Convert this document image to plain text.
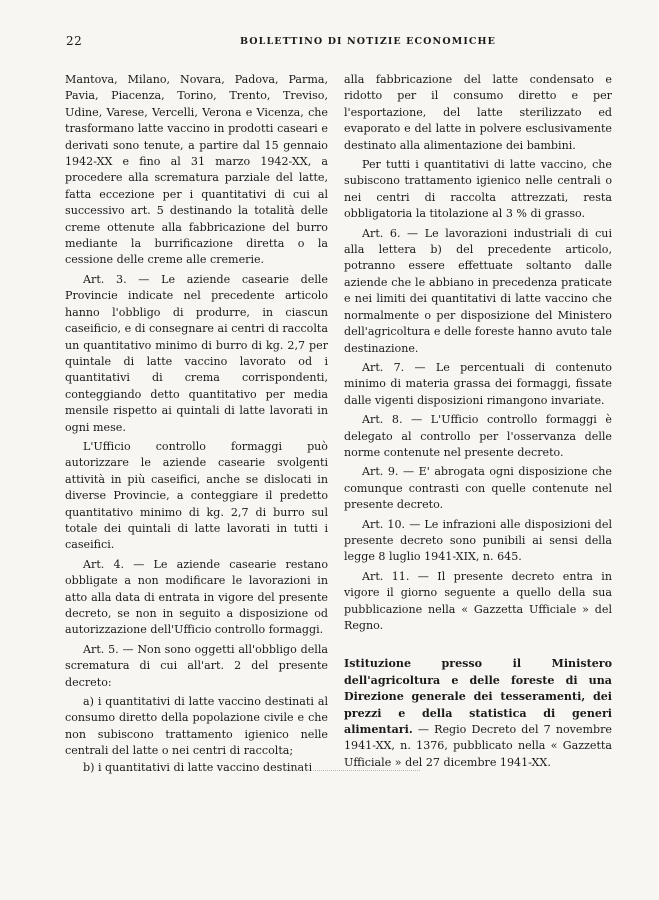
22	BOLLETTINO DI NOTIZIE ECONOMICHE

Mantova, Milano, Novara, Padova, Parma, Pavia, Piacenza, Torino, Trento, Treviso, Udine, Varese, Vercelli, Verona e Vicenza, che trasformano latte vaccino in prodotti caseari e derivati sono tenute, a partire dal 15 gennaio 1942-XX e fino al 31 marzo 1942-XX, a procedere alla scrematura parziale del latte, fatta eccezione per i quantitativi di cui al successivo art. 5 destinando la totalità delle creme ottenute alla fabbricazione del burro mediante la burrificazione diretta o la cessione delle creme alle cremerie.

Art. 3. — Le aziende casearie delle Provincie indicate nel precedente articolo hanno l'obbligo di produrre, in ciascun caseificio, e di consegnare ai centri di raccolta un quantitativo minimo di burro di kg. 2,7 per quintale di latte vaccino lavorato od i quantitativi di crema corrispondenti, conteggiando detto quantitativo per media mensile rispetto ai quintali di latte lavorati in ogni mese.

L'Ufficio controllo formaggi può autorizzare le aziende casearie svolgenti attività in più caseifici, anche se dislocati in diverse Provincie, a conteggiare il predetto quantitativo minimo di kg. 2,7 di burro sul totale dei quintali di latte lavorati in tutti i caseifici.

Art. 4. — Le aziende casearie restano obbligate a non modificare le lavorazioni in atto alla data di entrata in vigore del presente decreto, se non in seguito a disposizione od autorizzazione dell'Ufficio controllo formaggi.

Art. 5. — Non sono oggetti all'obbligo della scrematura di cui all'art. 2 del presente decreto:

a) i quantitativi di latte vaccino destinati al consumo diretto della popolazione civile e che non subiscono trattamento igienico nelle centrali del latte o nei centri di raccolta;

b) i quantitativi di latte vaccino destinati

alla fabbricazione del latte condensato e ridotto per il consumo diretto e per l'esportazione, del latte sterilizzato ed evaporato e del latte in polvere esclusivamente destinato alla alimentazione dei bambini.

Per tutti i quantitativi di latte vaccino, che subiscono trattamento igienico nelle centrali o nei centri di raccolta attrezzati, resta obbligatoria la titolazione al 3 % di grasso.

Art. 6. — Le lavorazioni industriali di cui alla lettera b) del precedente articolo, potranno essere effettuate soltanto dalle aziende che le abbiano in precedenza praticate e nei limiti dei quantitativi di latte vaccino che normalmente o per disposizione del Ministero dell'agricoltura e delle foreste hanno avuto tale destinazione.

Art. 7. — Le percentuali di contenuto minimo di materia grassa dei formaggi, fissate dalle vigenti disposizioni rimangono invariate.

Art. 8. — L'Ufficio controllo formaggi è delegato al controllo per l'osservanza delle norme contenute nel presente decreto.

Art. 9. — E' abrogata ogni disposizione che comunque contrasti con quelle contenute nel presente decreto.

Art. 10. — Le infrazioni alle disposizioni del presente decreto sono punibili ai sensi della legge 8 luglio 1941-XIX, n. 645.

Art. 11. — Il presente decreto entra in vigore il giorno seguente a quello della sua pubblicazione nella « Gazzetta Ufficiale » del Regno.

Istituzione presso il Ministero dell'agricoltura e delle foreste di una Direzione generale dei tesseramenti, dei prezzi e della statistica di generi alimentari. — Regio Decreto del 7 novembre 1941-XX, n. 1376, pubblicato nella « Gazzetta Ufficiale » del 27 dicembre 1941-XX.
